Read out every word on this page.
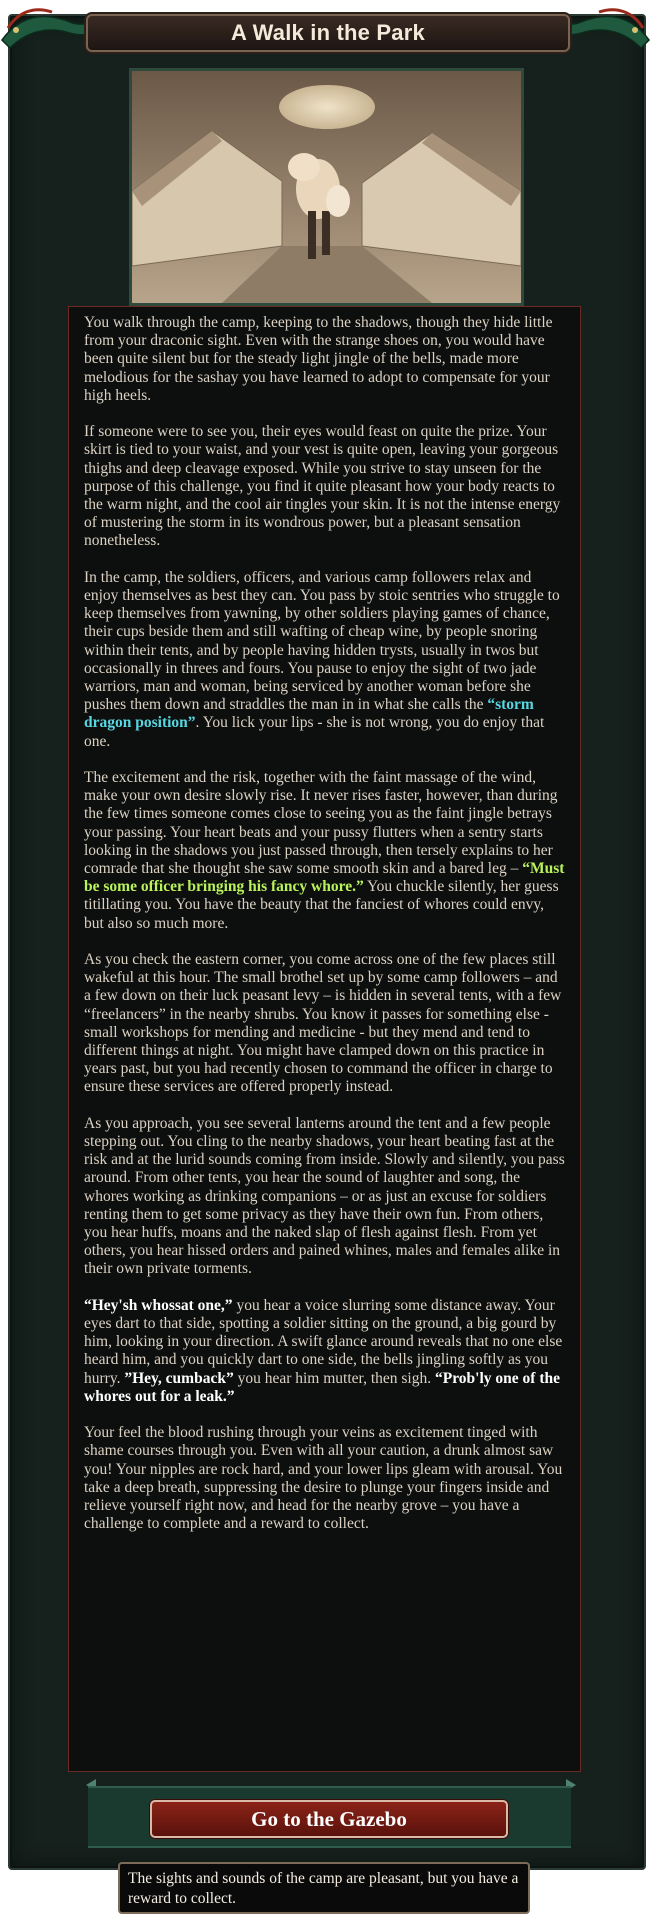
A Walk in the Park

You walk through the camp, keeping to the shadows, though they hide little from your draconic sight. Even with the strange shoes on, you would have been quite silent but for the steady light jingle of the bells, made more melodious for the sashay you have learned to adopt to compensate for your high heels.

If someone were to see you, their eyes would feast on quite the prize. Your skirt is tied to your waist, and your vest is quite open, leaving your gorgeous thighs and deep cleavage exposed. While you strive to stay unseen for the purpose of this challenge, you find it quite pleasant how your body reacts to the warm night, and the cool air tingles your skin. It is not the intense energy of mustering the storm in its wondrous power, but a pleasant sensation nonetheless.

In the camp, the soldiers, officers, and various camp followers relax and enjoy themselves as best they can. You pass by stoic sentries who struggle to keep themselves from yawning, by other soldiers playing games of chance, their cups beside them and still wafting of cheap wine, by people snoring within their tents, and by people having hidden trysts, usually in twos but occasionally in threes and fours. You pause to enjoy the sight of two jade warriors, man and woman, being serviced by another woman before she pushes them down and straddles the man in in what she calls the “storm dragon position”. You lick your lips - she is not wrong, you do enjoy that one.

The excitement and the risk, together with the faint massage of the wind, make your own desire slowly rise. It never rises faster, however, than during the few times someone comes close to seeing you as the faint jingle betrays your passing. Your heart beats and your pussy flutters when a sentry starts looking in the shadows you just passed through, then tersely explains to her comrade that she thought she saw some smooth skin and a bared leg – “Must be some officer bringing his fancy whore.” You chuckle silently, her guess titillating you. You have the beauty that the fanciest of whores could envy, but also so much more.

As you check the eastern corner, you come across one of the few places still wakeful at this hour. The small brothel set up by some camp followers – and a few down on their luck peasant levy – is hidden in several tents, with a few “freelancers” in the nearby shrubs. You know it passes for something else - small workshops for mending and medicine - but they mend and tend to different things at night. You might have clamped down on this practice in years past, but you had recently chosen to command the officer in charge to ensure these services are offered properly instead.

As you approach, you see several lanterns around the tent and a few people stepping out. You cling to the nearby shadows, your heart beating fast at the risk and at the lurid sounds coming from inside. Slowly and silently, you pass around. From other tents, you hear the sound of laughter and song, the whores working as drinking companions – or as just an excuse for soldiers renting them to get some privacy as they have their own fun. From others, you hear huffs, moans and the naked slap of flesh against flesh. From yet others, you hear hissed orders and pained whines, males and females alike in their own private torments.

“Hey'sh whossat one,” you hear a voice slurring some distance away. Your eyes dart to that side, spotting a soldier sitting on the ground, a big gourd by him, looking in your direction. A swift glance around reveals that no one else heard him, and you quickly dart to one side, the bells jingling softly as you hurry. ”Hey, cumback” you hear him mutter, then sigh. “Prob'ly one of the whores out for a leak.”

Your feel the blood rushing through your veins as excitement tinged with shame courses through you. Even with all your caution, a drunk almost saw you! Your nipples are rock hard, and your lower lips gleam with arousal. You take a deep breath, suppressing the desire to plunge your fingers inside and relieve yourself right now, and head for the nearby grove – you have a challenge to complete and a reward to collect.

Go to the Gazebo
The sights and sounds of the camp are pleasant, but you have a reward to collect.
